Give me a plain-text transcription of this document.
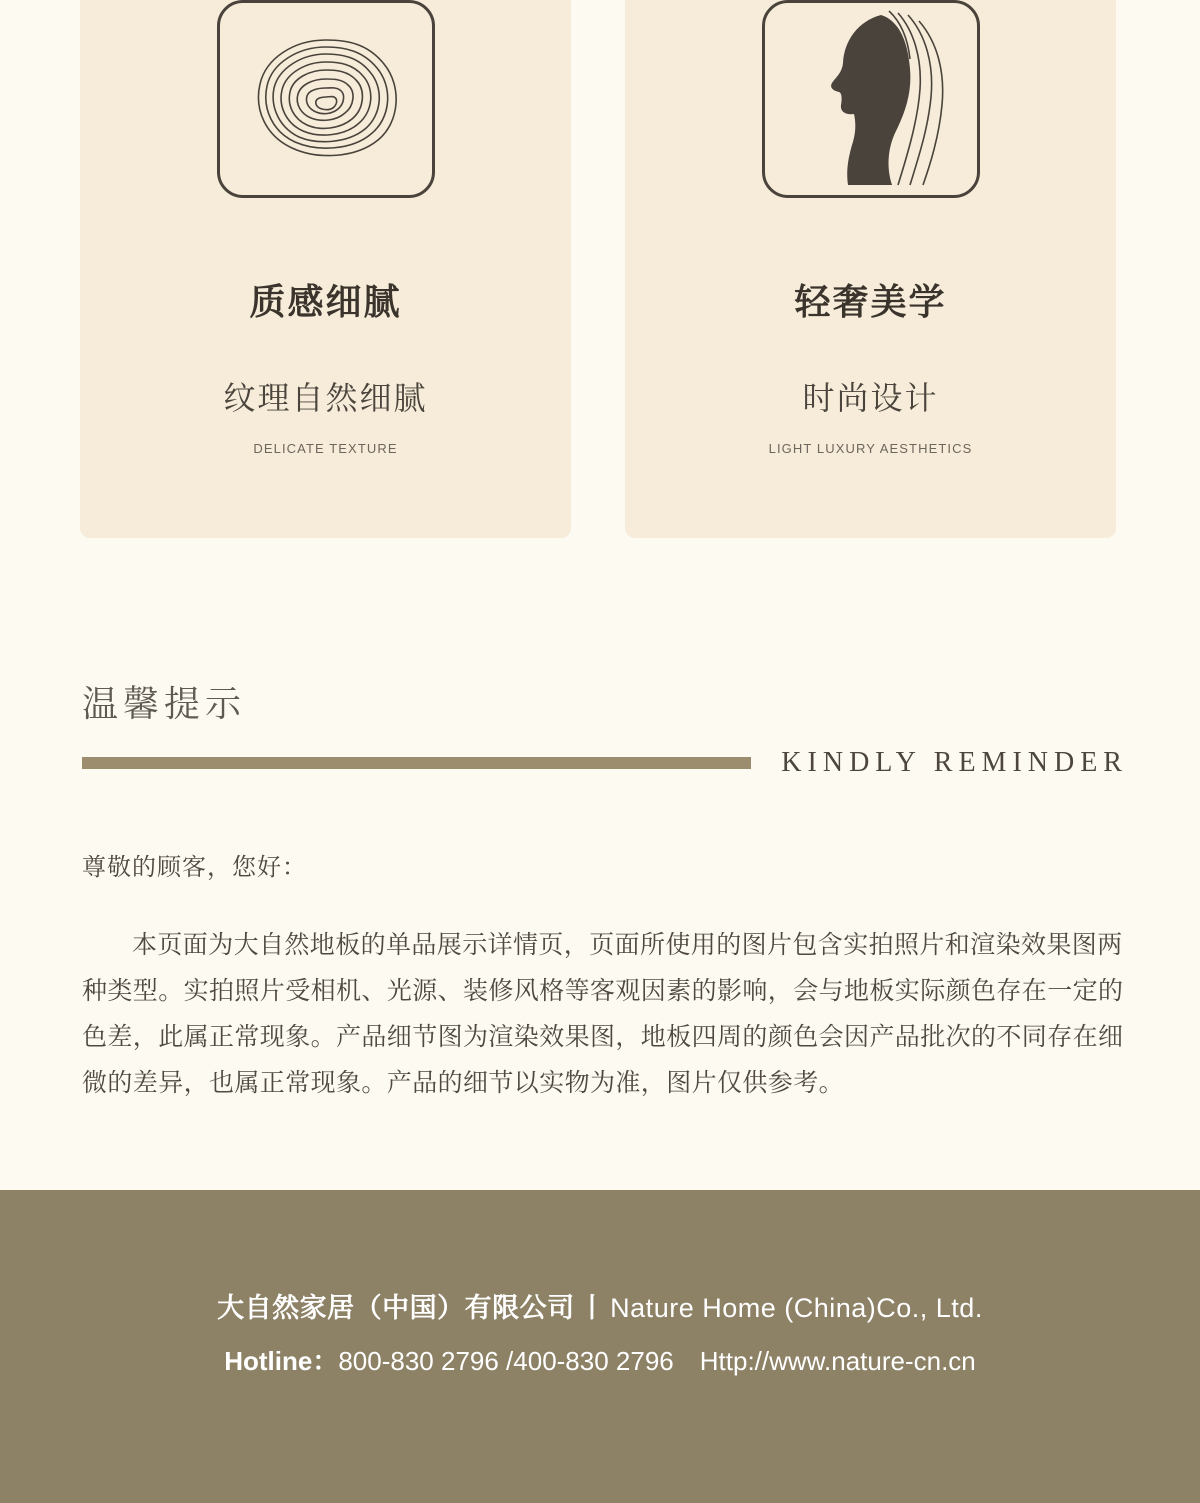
质感细腻
纹理自然细腻
DELICATE TEXTURE
轻奢美学
时尚设计
LIGHT LUXURY AESTHETICS
温馨提示
KINDLY REMINDER
尊敬的顾客，您好：
本页面为大自然地板的单品展示详情页，页面所使用的图片包含实拍照片和渲染效果图两种类型。实拍照片受相机、光源、装修风格等客观因素的影响，会与地板实际颜色存在一定的色差，此属正常现象。产品细节图为渲染效果图，地板四周的颜色会因产品批次的不同存在细微的差异，也属正常现象。产品的细节以实物为准，图片仅供参考。
大自然家居（中国）有限公司 丨 Nature Home (China)Co., Ltd.
Hotline：800-830 2796 /400-830 2796 Http://www.nature-cn.cn
